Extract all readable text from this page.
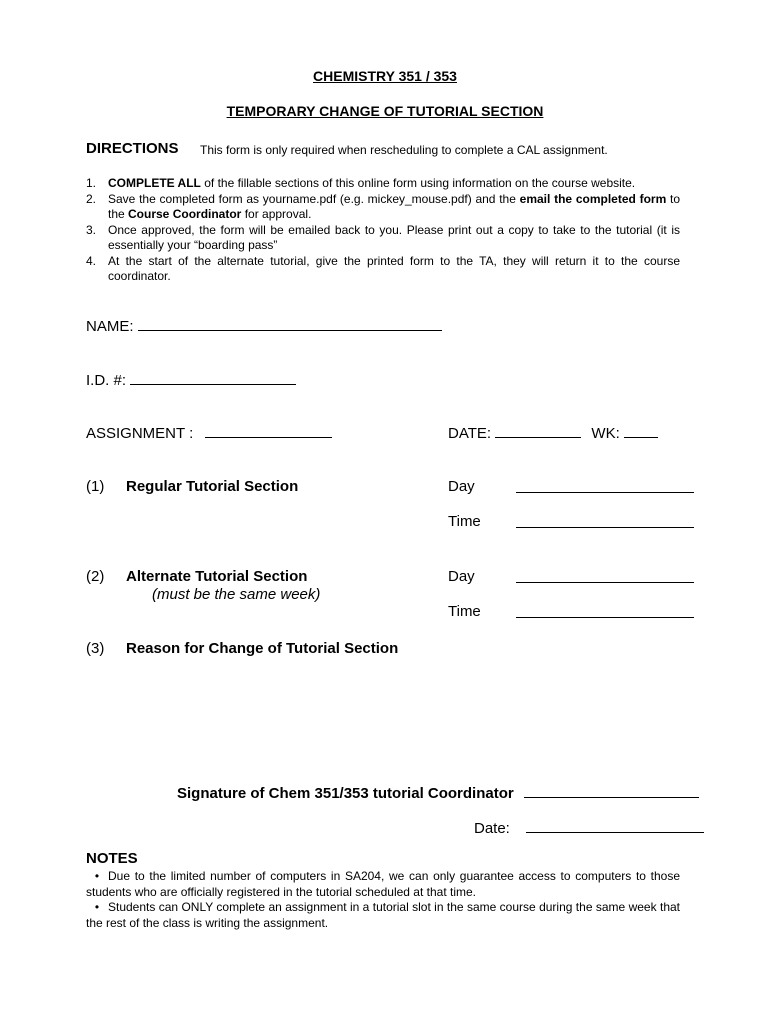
CHEMISTRY 351 / 353
TEMPORARY CHANGE OF TUTORIAL SECTION
DIRECTIONS This form is only required when rescheduling to complete a CAL assignment.
1. COMPLETE ALL of the fillable sections of this online form using information on the course website.
2. Save the completed form as yourname.pdf (e.g. mickey_mouse.pdf) and the email the completed form to the Course Coordinator for approval.
3. Once approved, the form will be emailed back to you. Please print out a copy to take to the tutorial (it is essentially your “boarding pass”
4. At the start of the alternate tutorial, give the printed form to the TA, they will return it to the course coordinator.
NAME:
I.D. #:
ASSIGNMENT :	DATE:	WK:
(1) Regular Tutorial Section	Day
Time
(2) Alternate Tutorial Section
(must be the same week)
Day
Time
(3) Reason for Change of Tutorial Section
Signature of Chem 351/353 tutorial Coordinator
Date:
NOTES
• Due to the limited number of computers in SA204, we can only guarantee access to computers to those students who are officially registered in the tutorial scheduled at that time.
• Students can ONLY complete an assignment in a tutorial slot in the same course during the same week that the rest of the class is writing the assignment.
